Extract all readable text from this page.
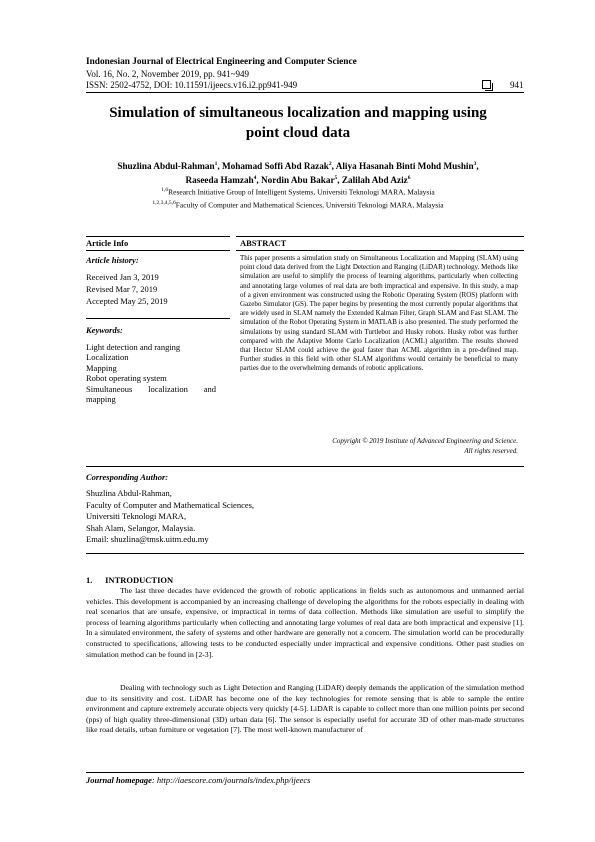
Indonesian Journal of Electrical Engineering and Computer Science
Vol. 16, No. 2, November 2019, pp. 941~949
ISSN: 2502-4752, DOI: 10.11591/ijeecs.v16.i2.pp941-949	941
Simulation of simultaneous localization and mapping using
point cloud data
Shuzlina Abdul-Rahman$^1$, Mohamad Soffi Abd Razak$^2$, Aliya Hasanah Binti Mohd Mushin$^3$,
Raseeda Hamzah$^4$, Nordin Abu Bakar$^5$, Zalilah Abd Aziz$^6$
$^{1,6}$Research Initiative Group of Intelligent Systems, Universiti Teknologi MARA, Malaysia
$^{1,2,3,4,5,6}$Faculty of Computer and Mathematical Sciences, Universiti Teknologi MARA, Malaysia
Article Info	ABSTRACT
Article history:
Received Jan 3, 2019
Revised Mar 7, 2019
Accepted May 25, 2019
Keywords:
Light detection and ranging
Localization
Mapping
Robot operating system
Simultaneous localization and
mapping
This paper presents a simulation study on Simultaneous Localization and Mapping (SLAM) using point cloud data derived from the Light Detection and Ranging (LiDAR) technology. Methods like simulation are useful to simplify the process of learning algorithms, particularly when collecting and annotating large volumes of real data are both impractical and expensive. In this study, a map of a given environment was constructed using the Robotic Operating System (ROS) platform with Gazebo Simulator (GS). The paper begins by presenting the most currently popular algorithms that are widely used in SLAM namely the Extended Kalman Filter, Graph SLAM and Fast SLAM. The simulation of the Robot Operating System in MATLAB is also presented. The study performed the simulations by using standard SLAM with Turtlebot and Husky robots. Husky robot was further compared with the Adaptive Monte Carlo Localization (ACML) algorithm. The results showed that Hector SLAM could achieve the goal faster than ACML algorithm in a pre-defined map. Further studies in this field with other SLAM algorithms would certainly be beneficial to many parties due to the overwhelming demands of robotic applications.
Copyright © 2019 Institute of Advanced Engineering and Science.
All rights reserved.
Corresponding Author:
Shuzlina Abdul-Rahman,
Faculty of Computer and Mathematical Sciences,
Universiti Teknologi MARA,
Shah Alam, Selangor, Malaysia.
Email: shuzlina@tmsk.uitm.edu.my
1.      INTRODUCTION
The last three decades have evidenced the growth of robotic applications in fields such as autonomous and unmanned aerial vehicles. This development is accompanied by an increasing challenge of developing the algorithms for the robots especially in dealing with real scenarios that are unsafe, expensive, or impractical in terms of data collection. Methods like simulation are useful to simplify the process of learning algorithms particularly when collecting and annotating large volumes of real data are both impractical and expensive [1]. In a simulated environment, the safety of systems and other hardware are generally not a concern. The simulation world can be procedurally constructed to specifications, allowing tests to be conducted especially under impractical and expensive conditions. Other past studies on simulation method can be found in [2-3].
Dealing with technology such as Light Detection and Ranging (LiDAR) deeply demands the application of the simulation method due to its sensitivity and cost. LiDAR has become one of the key technologies for remote sensing that is able to sample the entire environment and capture extremely accurate objects very quickly [4-5]. LiDAR is capable to collect more than one million points per second (pps) of high quality three-dimensional (3D) urban data [6]. The sensor is especially useful for accurate 3D of other man-made structures like road details, urban furniture or vegetation [7]. The most well-known manufacturer of
Journal homepage: http://iaescore.com/journals/index.php/ijeecs
